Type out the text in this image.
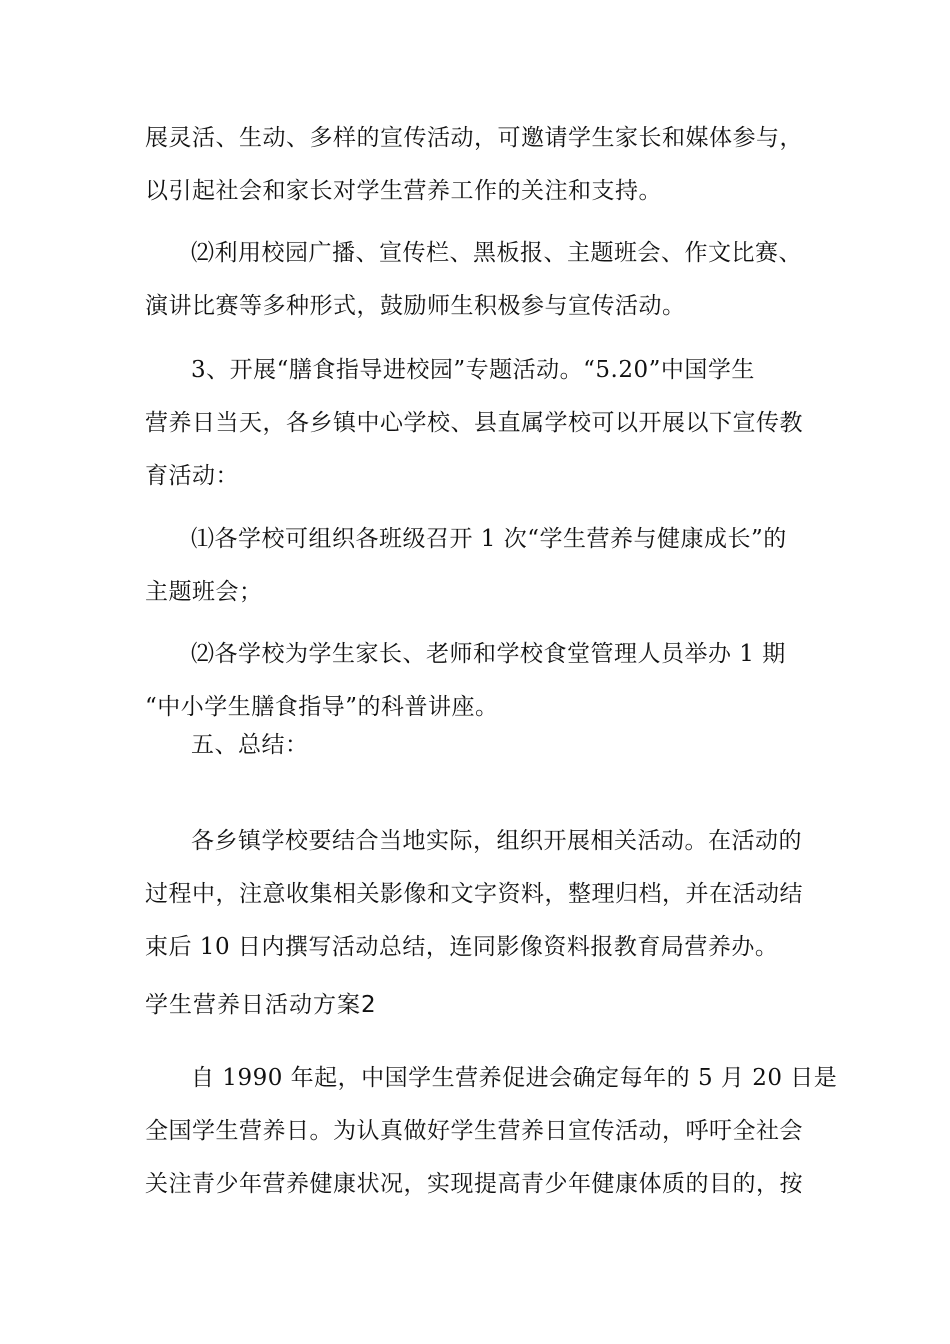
展灵活、生动、多样的宣传活动，可邀请学生家长和媒体参与，
以引起社会和家长对学生营养工作的关注和支持。

⑵利用校园广播、宣传栏、黑板报、主题班会、作文比赛、
演讲比赛等多种形式，鼓励师生积极参与宣传活动。

3、开展“膳食指导进校园”专题活动。“5.20”中国学生
营养日当天，各乡镇中心学校、县直属学校可以开展以下宣传教
育活动：

⑴各学校可组织各班级召开 1 次“学生营养与健康成长”的
主题班会；

⑵各学校为学生家长、老师和学校食堂管理人员举办 1 期
“中小学生膳食指导”的科普讲座。

五、总结：

各乡镇学校要结合当地实际，组织开展相关活动。在活动的
过程中，注意收集相关影像和文字资料，整理归档，并在活动结
束后 10 日内撰写活动总结，连同影像资料报教育局营养办。

学生营养日活动方案2

自 1990 年起，中国学生营养促进会确定每年的 5 月 20 日是
全国学生营养日。为认真做好学生营养日宣传活动，呼吁全社会
关注青少年营养健康状况，实现提高青少年健康体质的目的，按
